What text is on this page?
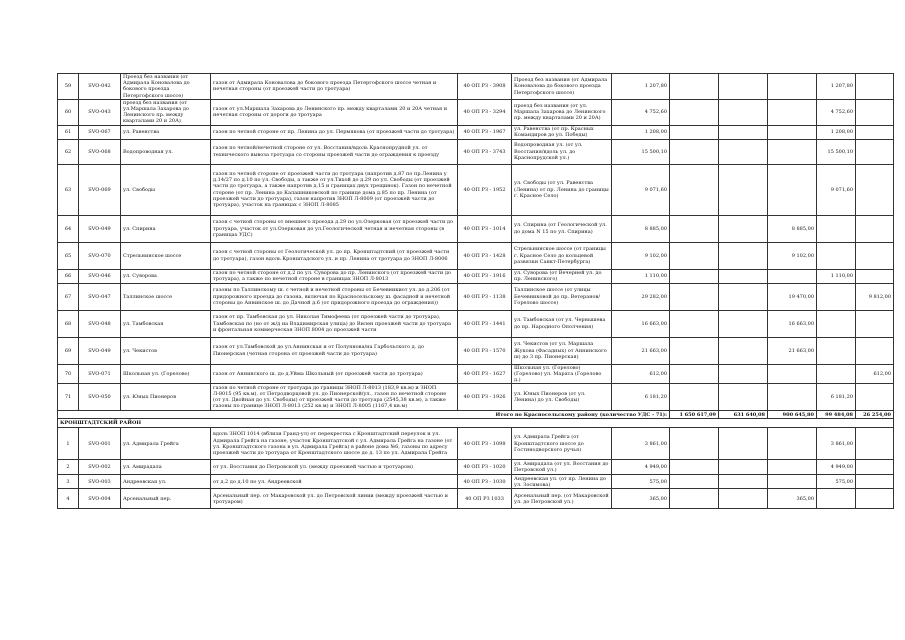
59	SVO-042	Проезд без названия (от Адмирала Коновалова до бокового проезда Петергофского шоссе)	газон от Адмирала Коновалова до бокового проезда Петергофского шоссе четная и нечетная стороны (от проезжей части до тротуара)	40 ОП РЗ - 3908	Проезд без названия (от Адмирала Коновалова до бокового проезда Петергофского шоссе)	1 207,80				1 207,80	
60	SVO-043	проезд без названия (от ул.Маршала Захарова до Ленинского пр. между кварталами 20 и 20А)	газон от ул.Маршала Захарова до Ленинского пр. между кварталами 20 и 20А четная и нечетная стороны от дороги до тротуара	40 ОП РЗ - 3294	проезд без названия (от ул. Маршала Захарова до Ленинского пр. между кварталами 20 и 20А)	4 752,60				4 752,60	
61	SVO-067	ул. Равенства	газон по четной стороне от пр. Ленина до ул. Пермякова (от проезжей части до тротуара)	40 ОП РЗ - 1967	ул. Равенства (от пр. Красных Командиров до ул. Победы)	1 208,00				1 208,00	
62	SVO-068	Водопроводная ул.	газон по четной/нечетной стороне от ул. Восстания/вдоль Краснопрудной ул. от технического вывоза тротуара со стороны проезжей части до ограждения к проезду	40 ОП РЗ - 3743	Водопроводная ул. (от ул. Восстания/вдоль ул. до Краснопрудской ул.)	15 500,10				15 500,10	
63	SVO-069	ул. Свободы	газон по четной стороне от проезжей части до тротуара (напротив д.87 по пр.Ленина у д.14/27 по д.10 по ул. Свободы, а также от ул.Тихой до д.29 по ул. Свободы (от проезжей части до тротуара, а также напротив д.15 и границах двух трещинок). Газон по нечетной стороне (от пр. Ленина до Калашниковской по границе дома д.85 по пр. Ленина (от проезжей части до тротуара), газон напротив ЗНОП Л-8009 (от проезжей части до тротуара), участок на границах с ЗНОП Л-8085	40 ОП РЗ - 1952	ул. Свободы (от ул. Равенства (Ленина) от пр. Ленина до границы г. Красное Село)	9 071,60				9 071,60	
64	SVO-049	ул. Спирина	газон с четной стороны от внешнего проезда д.29 по ул.Озерковая (от проезжей части до тротуара, участок от ул.Озерковая до ул.Геологической четная и нечетная стороны (в границах УДС)	40 ОП РЗ - 1014	ул. Спирина (от Геологической ул. до дома N 15 по ул. Спирина)	8 885,00			8 885,00		
65	SVO-070	Стрельнинское шоссе	газон с четной стороны от Геологической ул. до пр. Кронштадтский (от проезжей части до тротуара), газон вдоль Кронштадского ул. и пр. Ленина от тротуара до ЗНОП Л-8006	40 ОП РЗ - 1428	Стрельнинское шоссе (от границы г. Красное Село до кольцевой развязки Санкт-Петербурга)	9 102,00			9 102,00		
66	SVO-046	ул. Суворова	газон по четной стороне от д.2 по ул. Суворова до пр. Ленинского (от проезжей части до тротуара), а также по нечетной стороне в границах ЗНОП Л-8013	40 ОП РЗ - 1916	ул. Суворова (от Вечерней ул. до пр. Ленинского)	1 110,00				1 110,00	
67	SVO-047	Таллинское шоссе	газоны по Таллинскому ш. с четной и нечетной стороны от Бечевникиот ул. до д.206 (от придорожного проезда до газона, включая по Красносельскому ш. фасадной и нечетной стороны до Аннинское ш. до Дачной д.6 (от придорожного проезда до ограждения))	40 ОП РЗ - 1138	Таллинское шоссе (от улицы Бечевниковой до пр. Ветеранов/Горелово шоссе)	29 282,00			19 470,00		9 812,00
68	SVO-048	ул. Тамбовская	газон от пр. Тамбовская до ул. Николая Тимофеева (от проезжей части до тротуара), Тамбовская по (но от ж/д на Владимирская улица) до Вилен проезжей части до тротуара и фронтальная коммерческая ЗНОП 8004 до проезжей части	40 ОП РЗ - 1441	ул. Тамбовская (от ул. Чернышева до пр. Народного Ополчения)	16 663,00			16 663,00		
69	SVO-049	ул. Чекистов	газон от ул.Тамбовской до ул.Аннинская и от Полуянова/на Гарбольского д. до Пионерская (четная сторона от проезжей части до тротуара)	40 ОП РЗ - 1570	ул. Чекистов (от ул. Маршала Жукова (Фасадных) от Аннинского ш) до 3 пр. Пионерская)	21 663,00			21 663,00		
70	SVO-071	Школьная ул. (Горелово)	газон от Аннинского ш. до д.Уйма Школьный (от проезжей части до тротуара)	40 ОП РЗ - 1627	Школьная ул. (Горелово) (Горелово) ул. Марата (Горелово д.)	612,00					612,00
71	SVO-050	ул. Юных Пионеров	газон по четной стороне от тротуара до границы ЗНОП Л-8013 (183,9 кв.м) и ЗНОП Л-8015 (95 кв.м), от Петродворцовой ул. до Пионерской/ул., газон по нечетной стороне (от ул. Двойная до ул. Свободы) от проезжей части до тротуара (2545,38 кв.м), а также газоны по границе ЗНОП Л-8013 (252 кв.м) и ЗНОП Л-8005 (1167,4 кв.м)	40 ОП РЗ - 1926	ул. Юных Пионеров (от ул. Ленина) до ул. Свободы)	6 181,20				6 181,20	
Итого по Красносельскому району (количество УДС - 71):							1 650 617,09	631 640,08	900 645,80	99 484,08	26 254,00
КРОНШТАДТСКИЙ РАЙОН											
1	SVO-001	ул. Адмирала Грейга	вдоль ЗНОП 1014 (вблизи Гранд-ул) от перекрестка с Кронштадтский переулок и ул. Адмирала Грейга на газоне, участок Кронштадтской с ул. Адмирала Грейга на газоне (от ул. Кронштадтского газона в ул. Адмирала Грейга) в районе дома №6, газоны по адресу проезжей части до тротуара от Кронштадтского шоссе до д. 13 по ул. Адмирала Грейга	40 ОП РЗ - 1098	ул. Адмирала Грейга (от Кронштадтского шоссе до Гостинодворского ручья)	3 861,00				3 861,00	
2	SVO-002	ул. Амирадала	от ул. Восстания до Петровской ул. (между проезжей частью и тротуаром)	40 ОП РЗ - 1020	ул. Амирадала (от ул. Восстания до Петровской ул.)	4 949,00				4 949,00	
3	SVO-003	Андреевская ул.	от д.2 до д.10 по ул. Андреевской	40 ОП РЗ - 1030	Андреевская ул. (от пр. Ленина до ул. Зосимова)	575,00				575,00	
4	SVO-004	Арсенальный пер.	Арсенальный пер. от Макаровской ул. до Петровской линии (между проезжей частью и тротуаром)	40 ОП РЗ 1033	Арсенальный пер. (от Макаровской ул. до Петровской ул.)	365,00			365,00		
